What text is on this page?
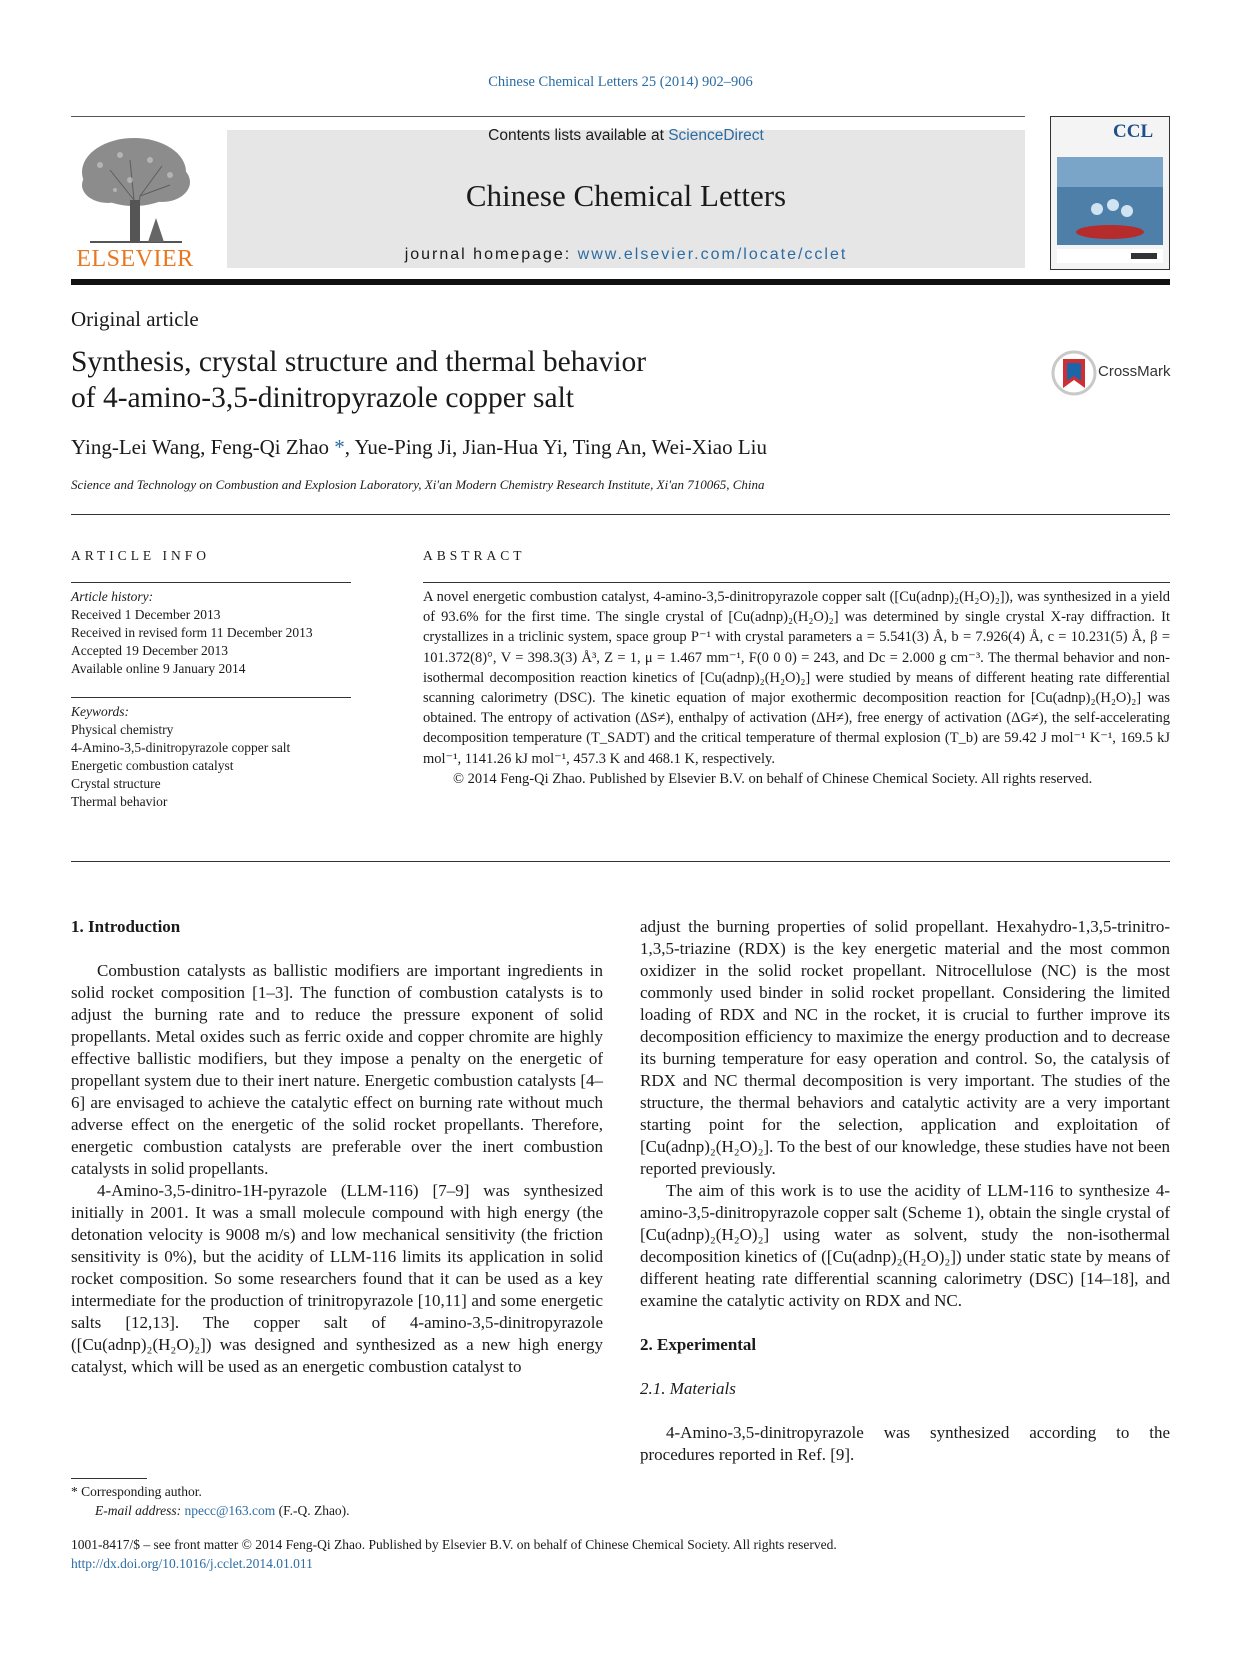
Chinese Chemical Letters 25 (2014) 902–906
ELSEVIER
Contents lists available at ScienceDirect
Chinese Chemical Letters
journal homepage: www.elsevier.com/locate/cclet
CCL
Original article
Synthesis, crystal structure and thermal behavior
of 4-amino-3,5-dinitropyrazole copper salt
CrossMark
Ying-Lei Wang, Feng-Qi Zhao *, Yue-Ping Ji, Jian-Hua Yi, Ting An, Wei-Xiao Liu
Science and Technology on Combustion and Explosion Laboratory, Xi'an Modern Chemistry Research Institute, Xi'an 710065, China
ARTICLE INFO	ABSTRACT
Article history:
Received 1 December 2013
Received in revised form 11 December 2013
Accepted 19 December 2013
Available online 9 January 2014
Keywords:
Physical chemistry
4-Amino-3,5-dinitropyrazole copper salt
Energetic combustion catalyst
Crystal structure
Thermal behavior

A novel energetic combustion catalyst, 4-amino-3,5-dinitropyrazole copper salt ([Cu(adnp)₂(H₂O)₂]), was synthesized in a yield of 93.6% for the first time. The single crystal of [Cu(adnp)₂(H₂O)₂] was determined by single crystal X-ray diffraction. It crystallizes in a triclinic system, space group P⁻¹ with crystal parameters a = 5.541(3) Å, b = 7.926(4) Å, c = 10.231(5) Å, β = 101.372(8)°, V = 398.3(3) Å³, Z = 1, μ = 1.467 mm⁻¹, F(0 0 0) = 243, and Dc = 2.000 g cm⁻³. The thermal behavior and non-isothermal decomposition reaction kinetics of [Cu(adnp)₂(H₂O)₂] were studied by means of different heating rate differential scanning calorimetry (DSC). The kinetic equation of major exothermic decomposition reaction for [Cu(adnp)₂(H₂O)₂] was obtained. The entropy of activation (ΔS≠), enthalpy of activation (ΔH≠), free energy of activation (ΔG≠), the self-accelerating decomposition temperature (T_SADT) and the critical temperature of thermal explosion (T_b) are 59.42 J mol⁻¹ K⁻¹, 169.5 kJ mol⁻¹, 1141.26 kJ mol⁻¹, 457.3 K and 468.1 K, respectively.

© 2014 Feng-Qi Zhao. Published by Elsevier B.V. on behalf of Chinese Chemical Society. All rights reserved.

1. Introduction

Combustion catalysts as ballistic modifiers are important ingredients in solid rocket composition [1–3]. The function of combustion catalysts is to adjust the burning rate and to reduce the pressure exponent of solid propellants. Metal oxides such as ferric oxide and copper chromite are highly effective ballistic modifiers, but they impose a penalty on the energetic of propellant system due to their inert nature. Energetic combustion catalysts [4–6] are envisaged to achieve the catalytic effect on burning rate without much adverse effect on the energetic of the solid rocket propellants. Therefore, energetic combustion catalysts are preferable over the inert combustion catalysts in solid propellants.

4-Amino-3,5-dinitro-1H-pyrazole (LLM-116) [7–9] was synthesized initially in 2001. It was a small molecule compound with high energy (the detonation velocity is 9008 m/s) and low mechanical sensitivity (the friction sensitivity is 0%), but the acidity of LLM-116 limits its application in solid rocket composition. So some researchers found that it can be used as a key intermediate for the production of trinitropyrazole [10,11] and some energetic salts [12,13]. The copper salt of 4-amino-3,5-dinitropyrazole ([Cu(adnp)₂(H₂O)₂]) was designed and synthesized as a new high energy catalyst, which will be used as an energetic combustion catalyst to

adjust the burning properties of solid propellant. Hexahydro-1,3,5-trinitro-1,3,5-triazine (RDX) is the key energetic material and the most common oxidizer in the solid rocket propellant. Nitrocellulose (NC) is the most commonly used binder in solid rocket propellant. Considering the limited loading of RDX and NC in the rocket, it is crucial to further improve its decomposition efficiency to maximize the energy production and to decrease its burning temperature for easy operation and control. So, the catalysis of RDX and NC thermal decomposition is very important. The studies of the structure, the thermal behaviors and catalytic activity are a very important starting point for the selection, application and exploitation of [Cu(adnp)₂(H₂O)₂]. To the best of our knowledge, these studies have not been reported previously.

The aim of this work is to use the acidity of LLM-116 to synthesize 4-amino-3,5-dinitropyrazole copper salt (Scheme 1), obtain the single crystal of [Cu(adnp)₂(H₂O)₂] using water as solvent, study the non-isothermal decomposition kinetics of ([Cu(adnp)₂(H₂O)₂]) under static state by means of different heating rate differential scanning calorimetry (DSC) [14–18], and examine the catalytic activity on RDX and NC.

2. Experimental
2.1. Materials

4-Amino-3,5-dinitropyrazole was synthesized according to the procedures reported in Ref. [9].

* Corresponding author.
E-mail address: npecc@163.com (F.-Q. Zhao).
1001-8417/$ – see front matter © 2014 Feng-Qi Zhao. Published by Elsevier B.V. on behalf of Chinese Chemical Society. All rights reserved.
http://dx.doi.org/10.1016/j.cclet.2014.01.011
